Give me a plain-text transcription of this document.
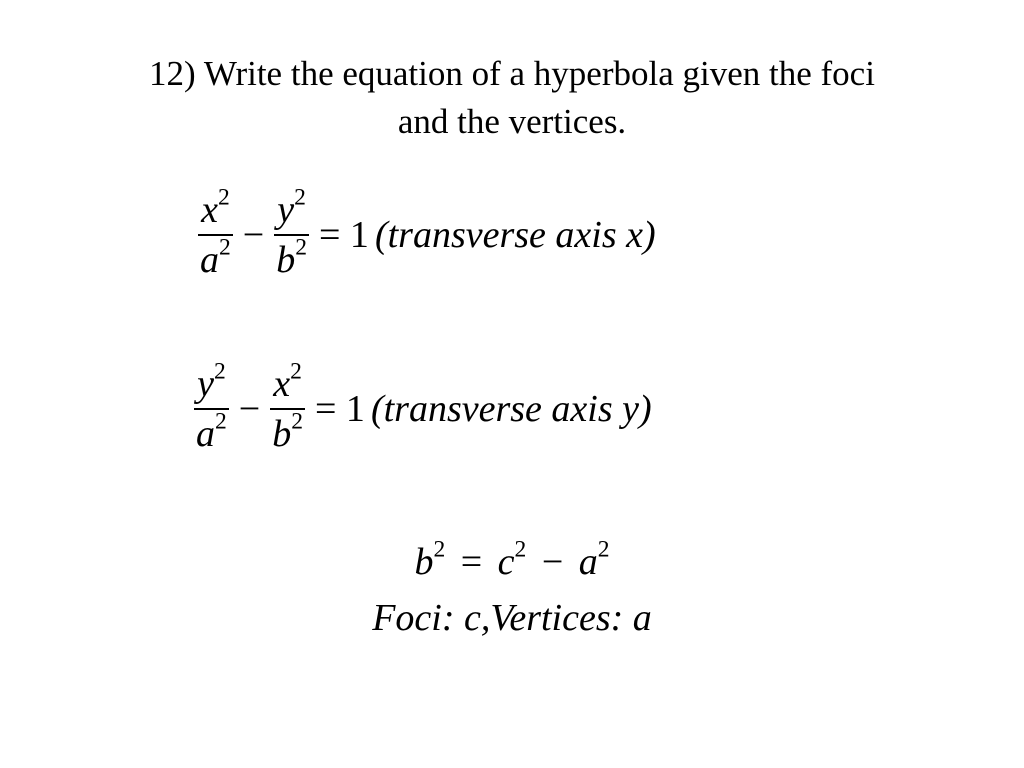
12) Write the equation of a hyperbola given the foci
and the vertices.
$\frac{x^2}{a^2} - \frac{y^2}{b^2} = 1$ (transverse axis x)
$\frac{y^2}{a^2} - \frac{x^2}{b^2} = 1$ (transverse axis y)
$b^2 = c^2 - a^2$
Foci: c,Vertices: a
